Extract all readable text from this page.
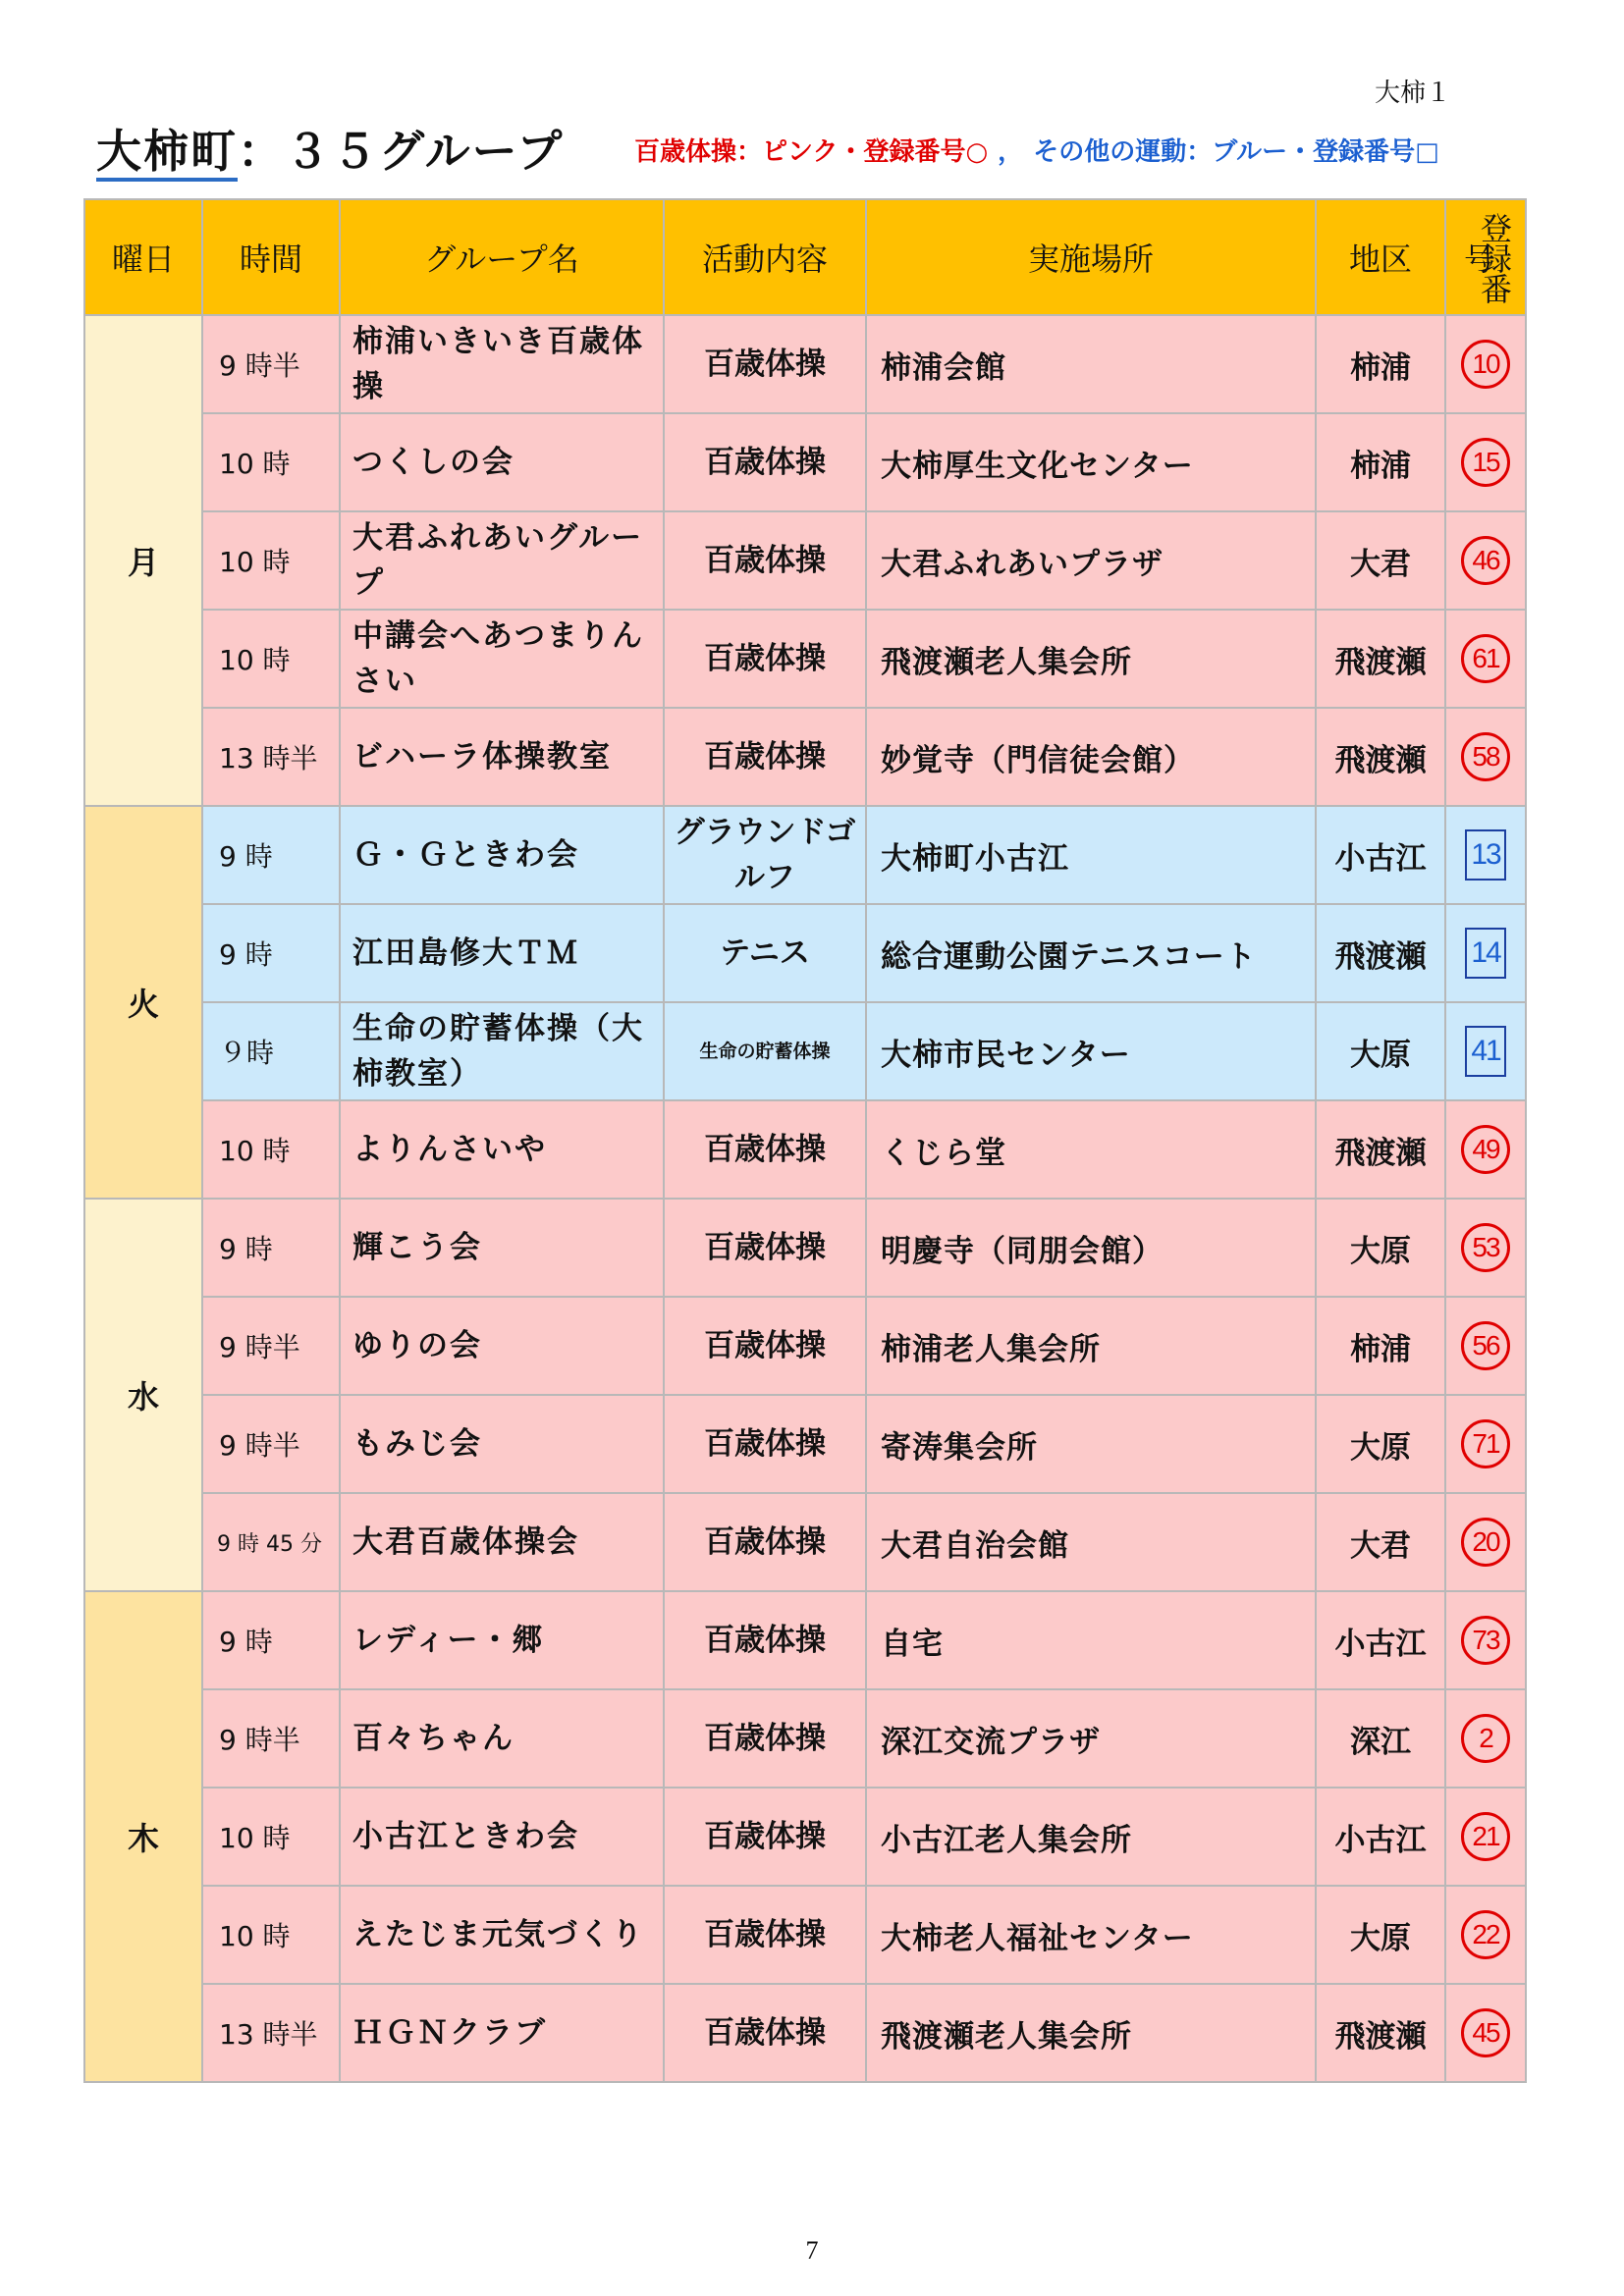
大柿１
大柿町：３５グループ	百歳体操：ピンク・登録番号○ ， その他の運動：ブルー・登録番号□
曜日	時間	グループ名	活動内容	実施場所	地区	登録番号
月	9 時半	柿浦いきいき百歳体操	百歳体操	柿浦会館	柿浦	10
	10 時	つくしの会	百歳体操	大柿厚生文化センター	柿浦	15
	10 時	大君ふれあいグループ	百歳体操	大君ふれあいプラザ	大君	46
	10 時	中講会へあつまりんさい	百歳体操	飛渡瀬老人集会所	飛渡瀬	61
	13 時半	ビハーラ体操教室	百歳体操	妙覚寺（門信徒会館）	飛渡瀬	58
火	9 時	Ｇ・Ｇときわ会	グラウンドゴルフ	大柿町小古江	小古江	13
	9 時	江田島修大ＴＭ	テニス	総合運動公園テニスコート	飛渡瀬	14
	９時	生命の貯蓄体操（大柿教室）	生命の貯蓄体操	大柿市民センター	大原	41
	10 時	よりんさいや	百歳体操	くじら堂	飛渡瀬	49
水	9 時	輝こう会	百歳体操	明慶寺（同朋会館）	大原	53
	9 時半	ゆりの会	百歳体操	柿浦老人集会所	柿浦	56
	9 時半	もみじ会	百歳体操	寄涛集会所	大原	71
	9 時 45 分	大君百歳体操会	百歳体操	大君自治会館	大君	20
木	9 時	レディー・郷	百歳体操	自宅	小古江	73
	9 時半	百々ちゃん	百歳体操	深江交流プラザ	深江	2
	10 時	小古江ときわ会	百歳体操	小古江老人集会所	小古江	21
	10 時	えたじま元気づくり	百歳体操	大柿老人福祉センター	大原	22
	13 時半	ＨＧＮクラブ	百歳体操	飛渡瀬老人集会所	飛渡瀬	45
7
